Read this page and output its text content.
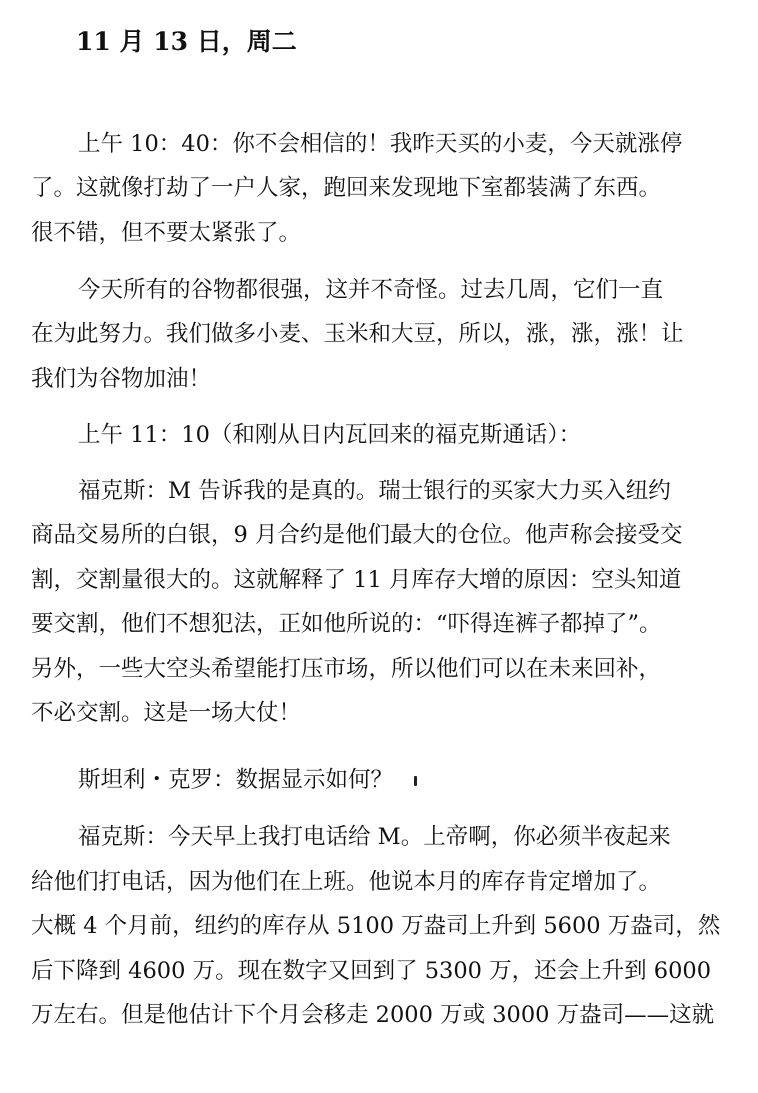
11 月 13 日，周二
上午 10：40：你不会相信的！我昨天买的小麦，今天就涨停
了。这就像打劫了一户人家，跑回来发现地下室都装满了东西。
很不错，但不要太紧张了。
今天所有的谷物都很强，这并不奇怪。过去几周，它们一直
在为此努力。我们做多小麦、玉米和大豆，所以，涨，涨，涨！让
我们为谷物加油！
上午 11：10（和刚从日内瓦回来的福克斯通话）：
福克斯：M 告诉我的是真的。瑞士银行的买家大力买入纽约
商品交易所的白银，9 月合约是他们最大的仓位。他声称会接受交
割，交割量很大的。这就解释了 11 月库存大增的原因：空头知道
要交割，他们不想犯法，正如他所说的：“吓得连裤子都掉了”。
另外，一些大空头希望能打压市场，所以他们可以在未来回补，
不必交割。这是一场大仗！
斯坦利・克罗：数据显示如何？
福克斯：今天早上我打电话给 M。上帝啊，你必须半夜起来
给他们打电话，因为他们在上班。他说本月的库存肯定增加了。
大概 4 个月前，纽约的库存从 5100 万盎司上升到 5600 万盎司，然
后下降到 4600 万。现在数字又回到了 5300 万，还会上升到 6000
万左右。但是他估计下个月会移走 2000 万或 3000 万盎司——这就
